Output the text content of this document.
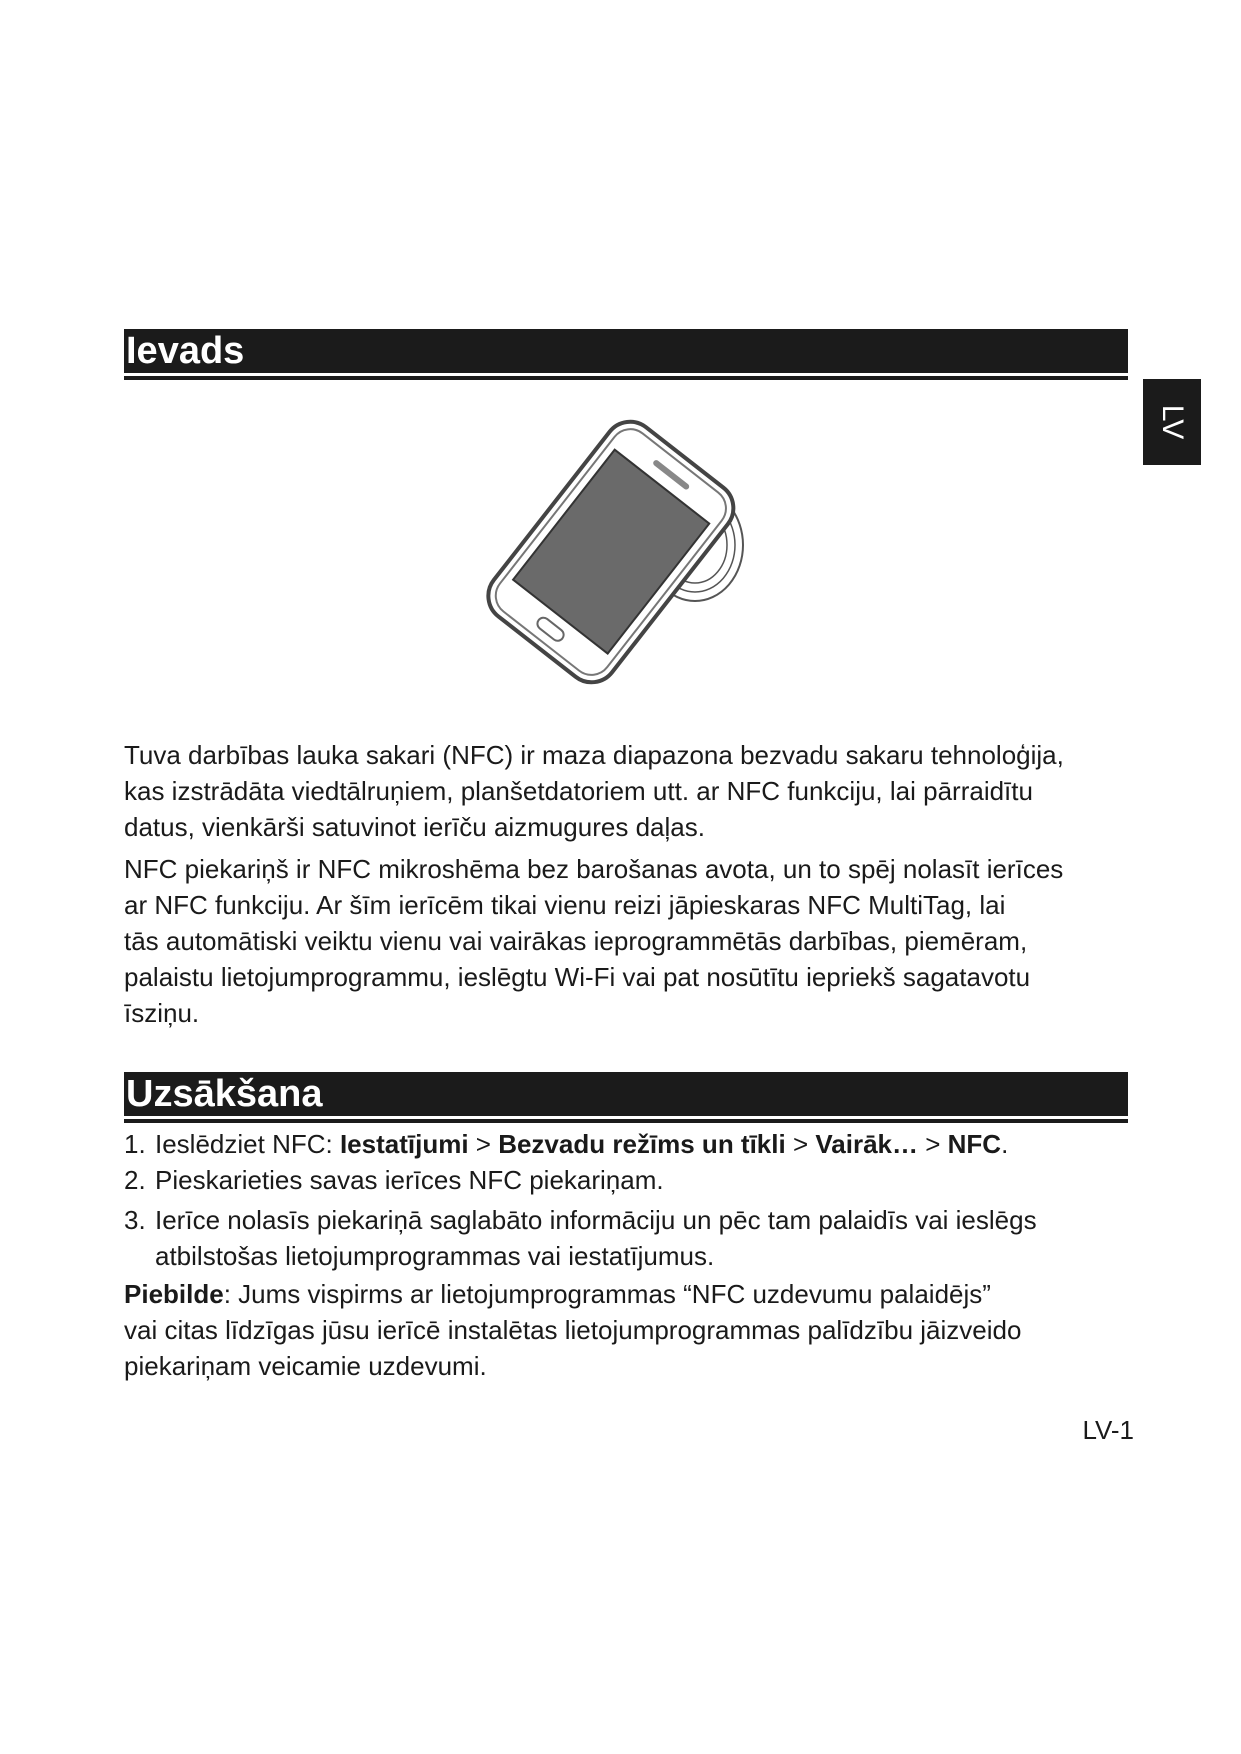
Ievads
LV

Tuva darbības lauka sakari (NFC) ir maza diapazona bezvadu sakaru tehnoloģija,
kas izstrādāta viedtālruņiem, planšetdatoriem utt. ar NFC funkciju, lai pārraidītu
datus, vienkārši satuvinot ierīču aizmugures daļas.

NFC piekariņš ir NFC mikroshēma bez barošanas avota, un to spēj nolasīt ierīces
ar NFC funkciju. Ar šīm ierīcēm tikai vienu reizi jāpieskaras NFC MultiTag, lai
tās automātiski veiktu vienu vai vairākas ieprogrammētās darbības, piemēram,
palaistu lietojumprogrammu, ieslēgtu Wi-Fi vai pat nosūtītu iepriekš sagatavotu
īsziņu.

Uzsākšana
1. Ieslēdziet NFC: Iestatījumi > Bezvadu režīms un tīkli > Vairāk… > NFC.
2. Pieskarieties savas ierīces NFC piekariņam.
3. Ierīce nolasīs piekariņā saglabāto informāciju un pēc tam palaidīs vai ieslēgs
atbilstošas lietojumprogrammas vai iestatījumus.

Piebilde: Jums vispirms ar lietojumprogrammas “NFC uzdevumu palaidējs”
vai citas līdzīgas jūsu ierīcē instalētas lietojumprogrammas palīdzību jāizveido
piekariņam veicamie uzdevumi.

LV-1
